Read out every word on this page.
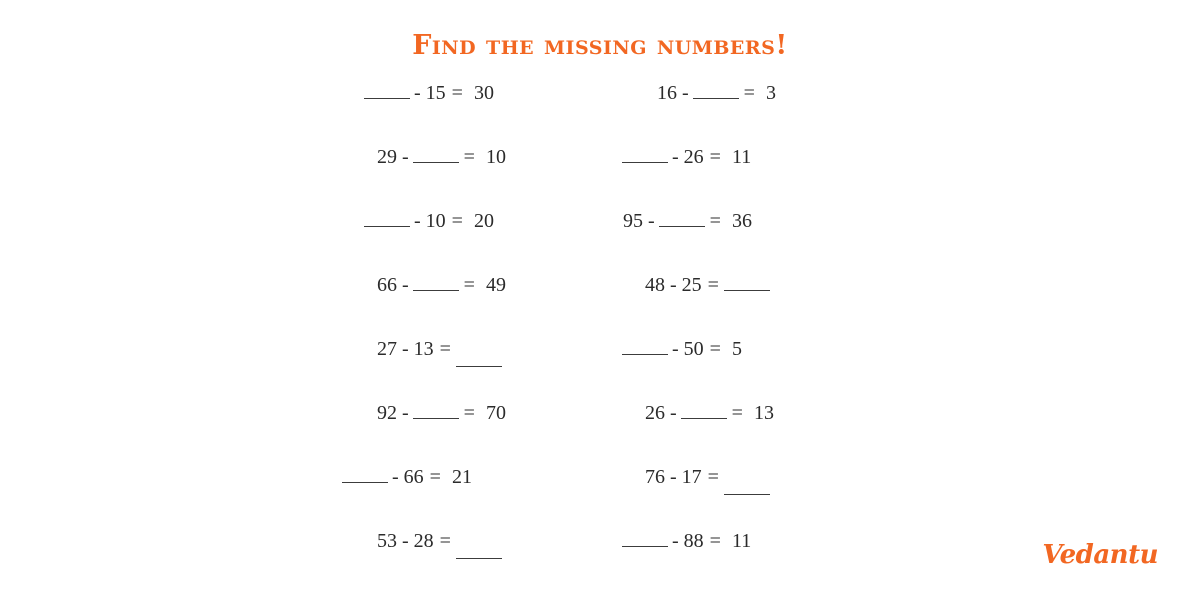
Find the missing numbers!
- 15 = 30
29 -	= 10
- 10 = 20
66 -	= 49
27 - 13 =
92 -	= 70
- 66 = 21
53 - 28 =
16 -	= 3
- 26 = 11
95 -	= 36
48 - 25 =
- 50 = 5
26 -	= 13
76 - 17 =
- 88 = 11	Vedantu
